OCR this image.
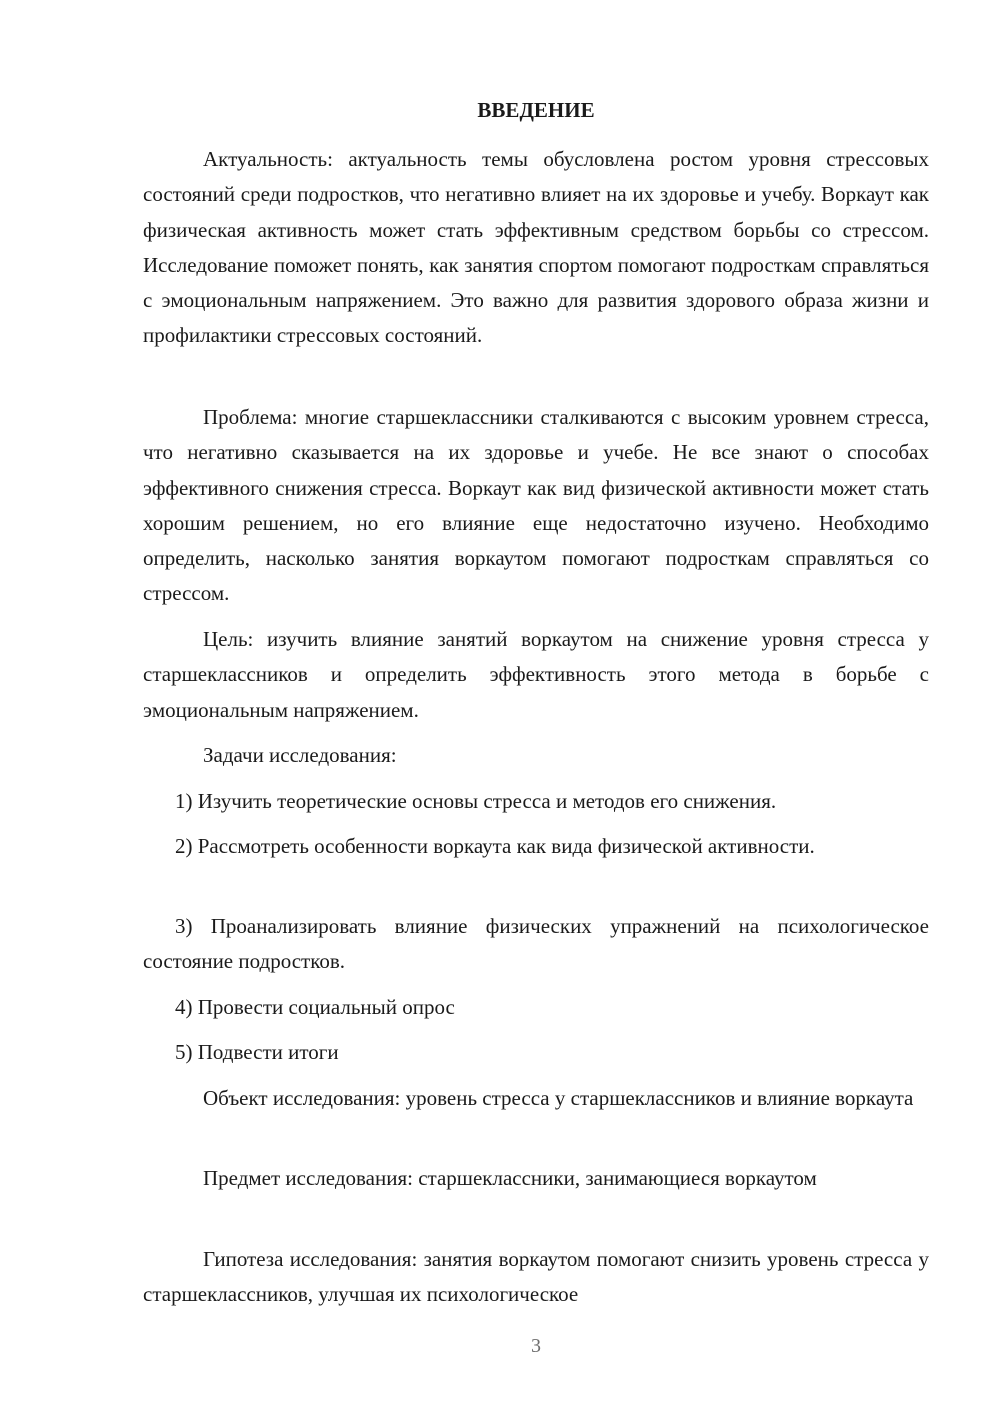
ВВЕДЕНИЕ

Актуальность: актуальность темы обусловлена ростом уровня стрессовых состояний среди подростков, что негативно влияет на их здоровье и учебу. Воркаут как физическая активность может стать эффективным средством борьбы со стрессом. Исследование поможет понять, как занятия спортом помогают подросткам справляться с эмоциональным напряжением. Это важно для развития здорового образа жизни и профилактики стрессовых состояний.

Проблема: многие старшеклассники сталкиваются с высоким уровнем стресса, что негативно сказывается на их здоровье и учебе. Не все знают о способах эффективного снижения стресса. Воркаут как вид физической активности может стать хорошим решением, но его влияние еще недостаточно изучено. Необходимо определить, насколько занятия воркаутом помогают подросткам справляться со стрессом.

Цель: изучить влияние занятий воркаутом на снижение уровня стресса у старшеклассников и определить эффективность этого метода в борьбе с эмоциональным напряжением.

Задачи исследования:

1) Изучить теоретические основы стресса и методов его снижения.

2) Рассмотреть особенности воркаута как вида физической активности.

3) Проанализировать влияние физических упражнений на психологическое состояние подростков.

4) Провести социальный опрос

5) Подвести итоги

Объект исследования: уровень стресса у старшеклассников и влияние воркаута

Предмет исследования: старшеклассники, занимающиеся воркаутом

Гипотеза исследования: занятия воркаутом помогают снизить уровень стресса у старшеклассников, улучшая их психологическое

3
